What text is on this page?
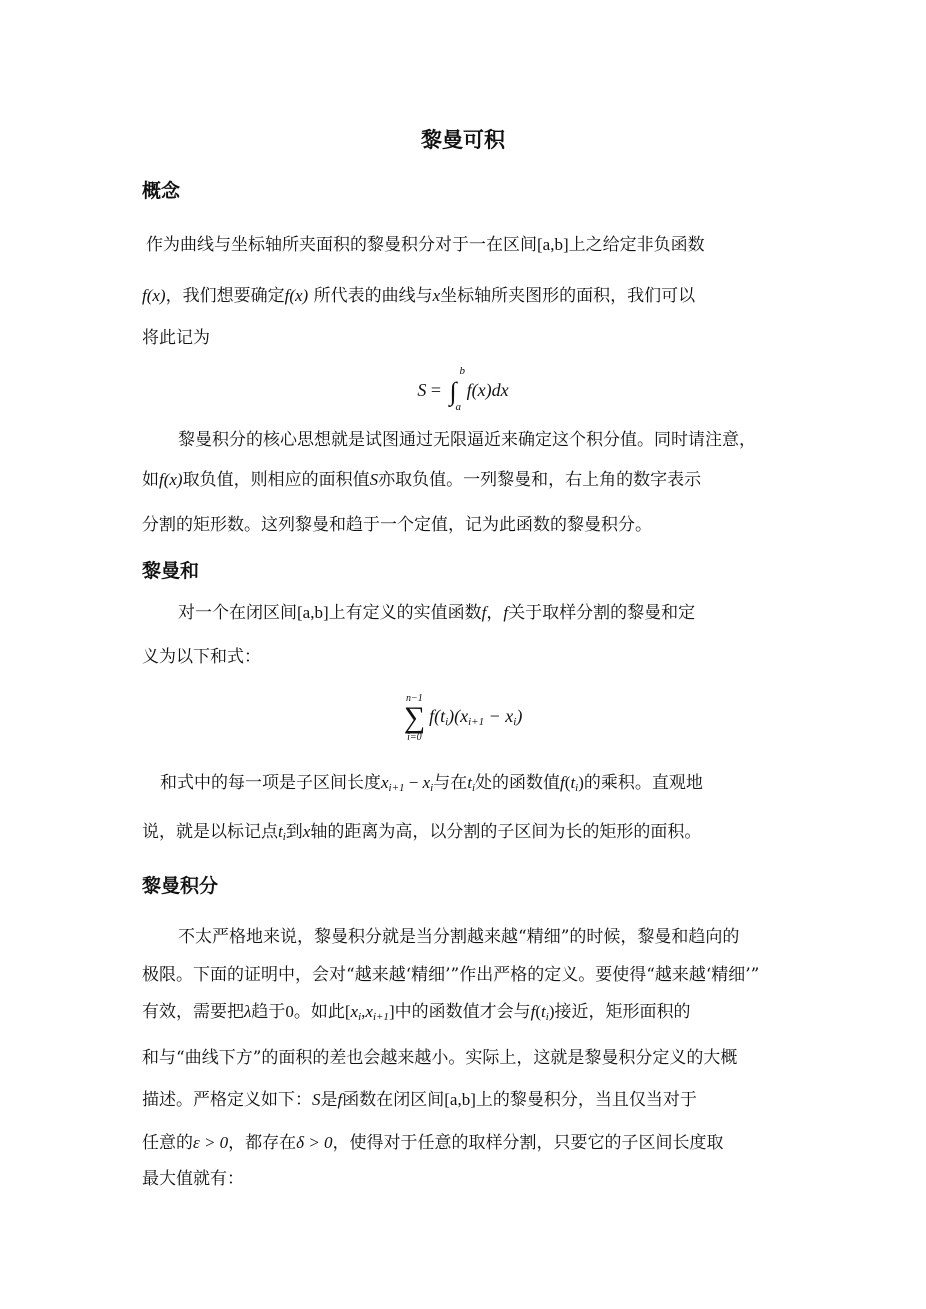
黎曼可积
概念
作为曲线与坐标轴所夹面积的黎曼积分对于一在区间[a,b]上之给定非负函数
f(x)，我们想要确定f(x) 所代表的曲线与x坐标轴所夹图形的面积，我们可以
将此记为
S = ∫
b
a
f(x)dx
黎曼积分的核心思想就是试图通过无限逼近来确定这个积分值。同时请注意，
如f(x)取负值，则相应的面积值S亦取负值。一列黎曼和，右上角的数字表示
分割的矩形数。这列黎曼和趋于一个定值，记为此函数的黎曼积分。
黎曼和
对一个在闭区间[a,b]上有定义的实值函数f，f关于取样分割的黎曼和定
义为以下和式：
n−1
∑
i=0
$f(t_i)(x_{i+1} - x_i)$
和式中的每一项是子区间长度$x_{i+1} - x_i$与在$t_i$处的函数值$f(t_i)$的乘积。直观地
说，就是以标记点$t_i$到x轴的距离为高，以分割的子区间为长的矩形的面积。
黎曼积分
不太严格地来说，黎曼积分就是当分割越来越“精细”的时候，黎曼和趋向的
极限。下面的证明中，会对“越来越‘精细’”作出严格的定义。要使得“越来越‘精细’”
有效，需要把λ趋于0。如此$[x_i,x_{i+1}]$中的函数值才会与$f(t_i)$接近，矩形面积的
和与“曲线下方”的面积的差也会越来越小。实际上，这就是黎曼积分定义的大概
描述。严格定义如下：S是f函数在闭区间[a,b]上的黎曼积分，当且仅当对于
任意的ε > 0，都存在δ > 0，使得对于任意的取样分割，只要它的子区间长度取
最大值就有：
